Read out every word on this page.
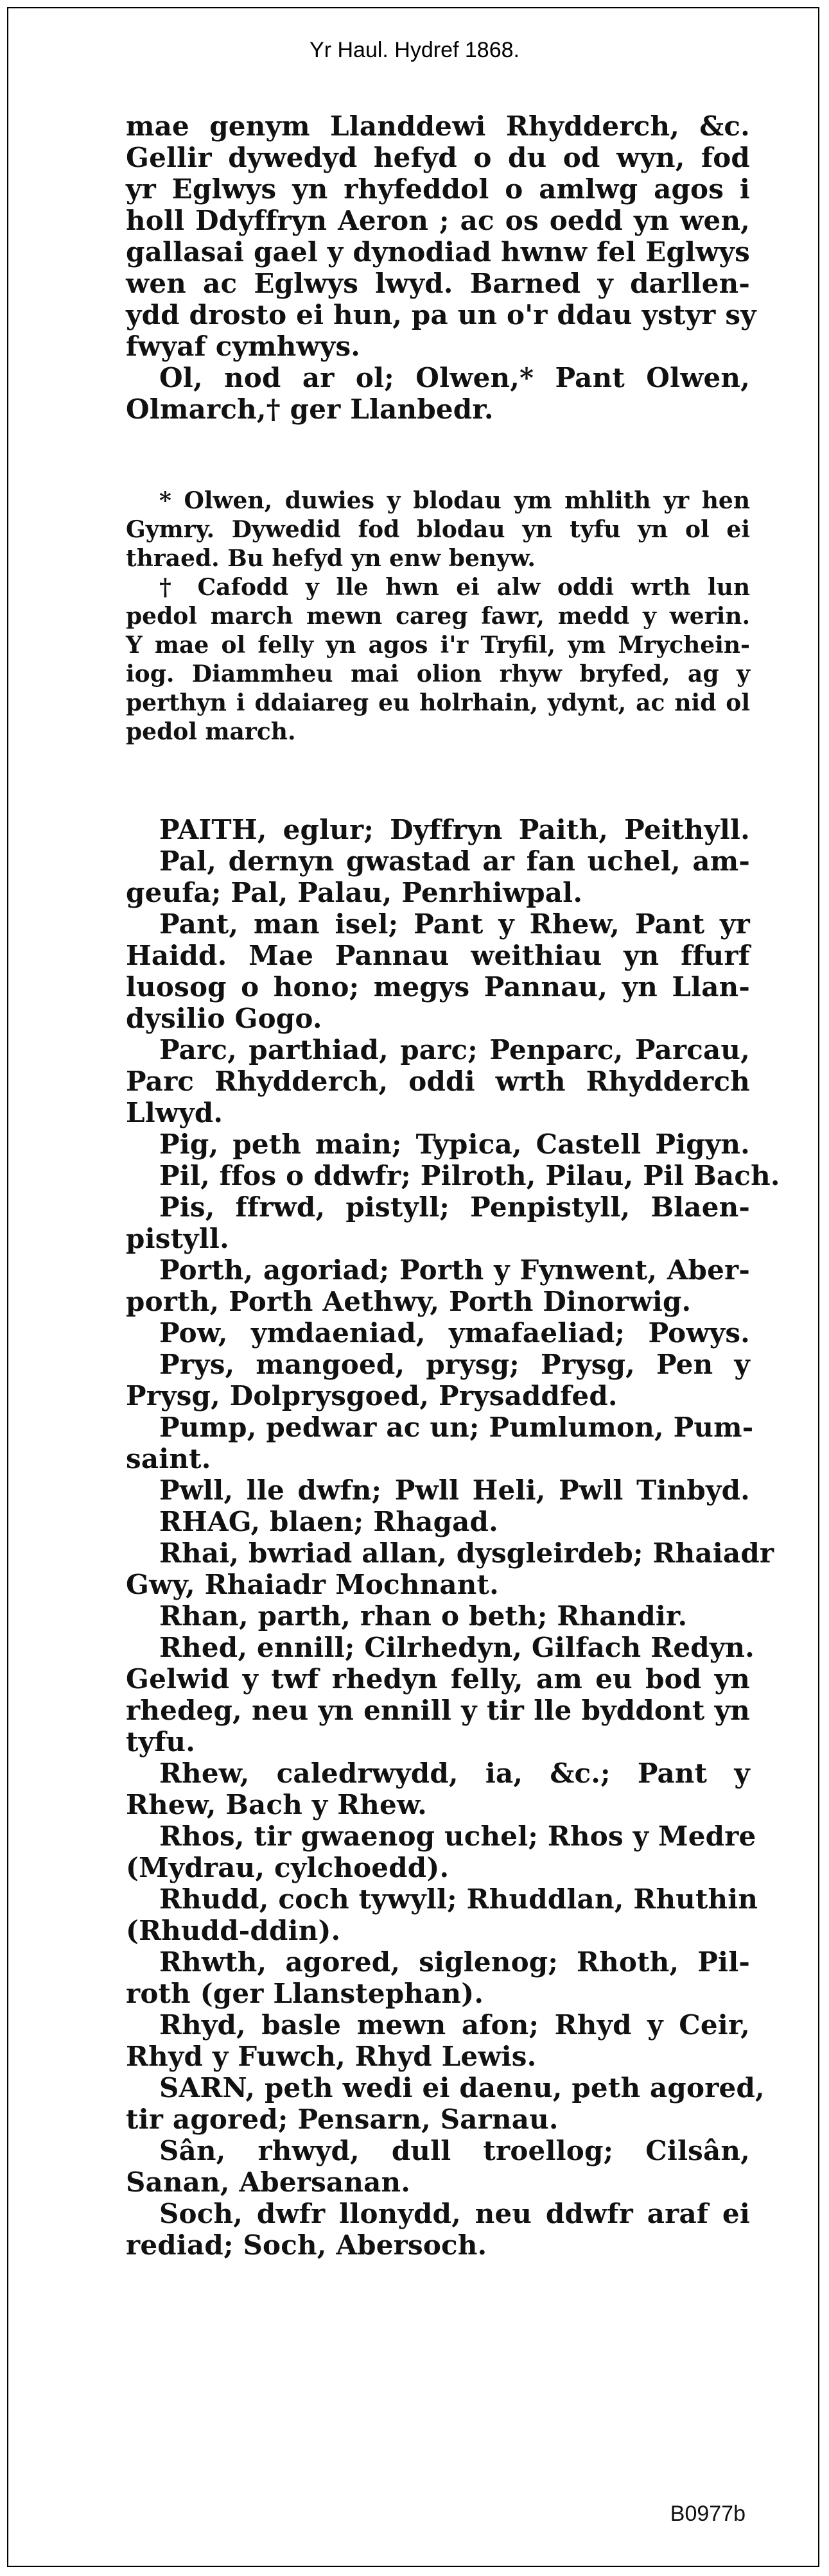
Yr Haul. Hydref 1868.
mae genym Llanddewi Rhydderch, &c.
Gellir dywedyd hefyd o du od wyn, fod
yr Eglwys yn rhyfeddol o amlwg agos i
holl Ddyffryn Aeron ; ac os oedd yn wen,
gallasai gael y dynodiad hwnw fel Eglwys
wen ac Eglwys lwyd. Barned y darllen-
ydd drosto ei hun, pa un o'r ddau ystyr sy
fwyaf cymhwys.
Ol, nod ar ol; Olwen,* Pant Olwen,
Olmarch,† ger Llanbedr.
* Olwen, duwies y blodau ym mhlith yr hen
Gymry. Dywedid fod blodau yn tyfu yn ol ei
thraed. Bu hefyd yn enw benyw.
† Cafodd y lle hwn ei alw oddi wrth lun
pedol march mewn careg fawr, medd y werin.
Y mae ol felly yn agos i'r Tryfil, ym Mrychein-
iog. Diammheu mai olion rhyw bryfed, ag y
perthyn i ddaiareg eu holrhain, ydynt, ac nid ol
pedol march.
PAITH, eglur; Dyffryn Paith, Peithyll.
Pal, dernyn gwastad ar fan uchel, am-
geufa; Pal, Palau, Penrhiwpal.
Pant, man isel; Pant y Rhew, Pant yr
Haidd. Mae Pannau weithiau yn ffurf
luosog o hono; megys Pannau, yn Llan-
dysilio Gogo.
Parc, parthiad, parc; Penparc, Parcau,
Parc Rhydderch, oddi wrth Rhydderch
Llwyd.
Pig, peth main; Typica, Castell Pigyn.
Pil, ffos o ddwfr; Pilroth, Pilau, Pil Bach.
Pis, ffrwd, pistyll; Penpistyll, Blaen-
pistyll.
Porth, agoriad; Porth y Fynwent, Aber-
porth, Porth Aethwy, Porth Dinorwig.
Pow, ymdaeniad, ymafaeliad; Powys.
Prys, mangoed, prysg; Prysg, Pen y
Prysg, Dolprysgoed, Prysaddfed.
Pump, pedwar ac un; Pumlumon, Pum-
saint.
Pwll, lle dwfn; Pwll Heli, Pwll Tinbyd.
RHAG, blaen; Rhagad.
Rhai, bwriad allan, dysgleirdeb; Rhaiadr
Gwy, Rhaiadr Mochnant.
Rhan, parth, rhan o beth; Rhandir.
Rhed, ennill; Cilrhedyn, Gilfach Redyn.
Gelwid y twf rhedyn felly, am eu bod yn
rhedeg, neu yn ennill y tir lle byddont yn
tyfu.
Rhew, caledrwydd, ia, &c.; Pant y
Rhew, Bach y Rhew.
Rhos, tir gwaenog uchel; Rhos y Medre
(Mydrau, cylchoedd).
Rhudd, coch tywyll; Rhuddlan, Rhuthin
(Rhudd-ddin).
Rhwth, agored, siglenog; Rhoth, Pil-
roth (ger Llanstephan).
Rhyd, basle mewn afon; Rhyd y Ceir,
Rhyd y Fuwch, Rhyd Lewis.
SARN, peth wedi ei daenu, peth agored,
tir agored; Pensarn, Sarnau.
Sân, rhwyd, dull troellog; Cilsân,
Sanan, Abersanan.
Soch, dwfr llonydd, neu ddwfr araf ei
rediad; Soch, Abersoch.
B0977b
